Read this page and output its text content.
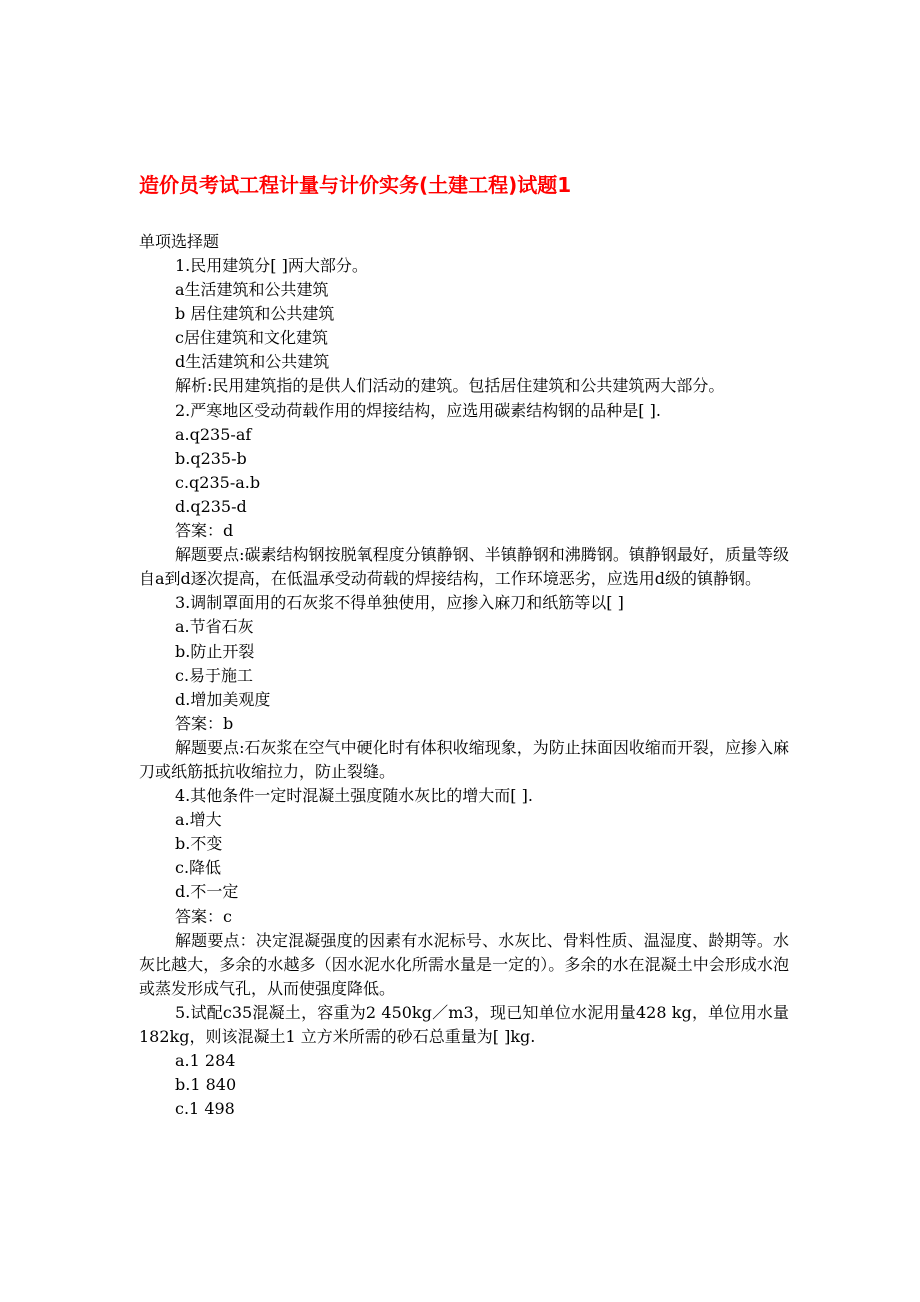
造价员考试工程计量与计价实务(土建工程)试题1

单项选择题

1.民用建筑分[ ]两大部分。

a生活建筑和公共建筑

b 居住建筑和公共建筑

c居住建筑和文化建筑

d生活建筑和公共建筑

解析:民用建筑指的是供人们活动的建筑。包括居住建筑和公共建筑两大部分。

2.严寒地区受动荷载作用的焊接结构，应选用碳素结构钢的品种是[ ].

a.q235-af

b.q235-b

c.q235-a.b

d.q235-d

答案：d

解题要点:碳素结构钢按脱氧程度分镇静钢、半镇静钢和沸腾钢。镇静钢最好，质量等级自a到d逐次提高，在低温承受动荷载的焊接结构，工作环境恶劣，应选用d级的镇静钢。

3.调制罩面用的石灰浆不得单独使用，应掺入麻刀和纸筋等以[ ]

a.节省石灰

b.防止开裂

c.易于施工

d.增加美观度

答案：b

解题要点:石灰浆在空气中硬化时有体积收缩现象，为防止抹面因收缩而开裂，应掺入麻刀或纸筋抵抗收缩拉力，防止裂缝。

4.其他条件一定时混凝土强度随水灰比的增大而[ ].

a.增大

b.不变

c.降低

d.不一定

答案：c

解题要点：决定混凝强度的因素有水泥标号、水灰比、骨料性质、温湿度、龄期等。水灰比越大，多余的水越多（因水泥水化所需水量是一定的）。多余的水在混凝土中会形成水泡或蒸发形成气孔，从而使强度降低。

5.试配c35混凝土，容重为2 450kg／m3，现已知单位水泥用量428 kg，单位用水量182kg，则该混凝土1 立方米所需的砂石总重量为[ ]kg.

a.1 284

b.1 840

c.1 498
